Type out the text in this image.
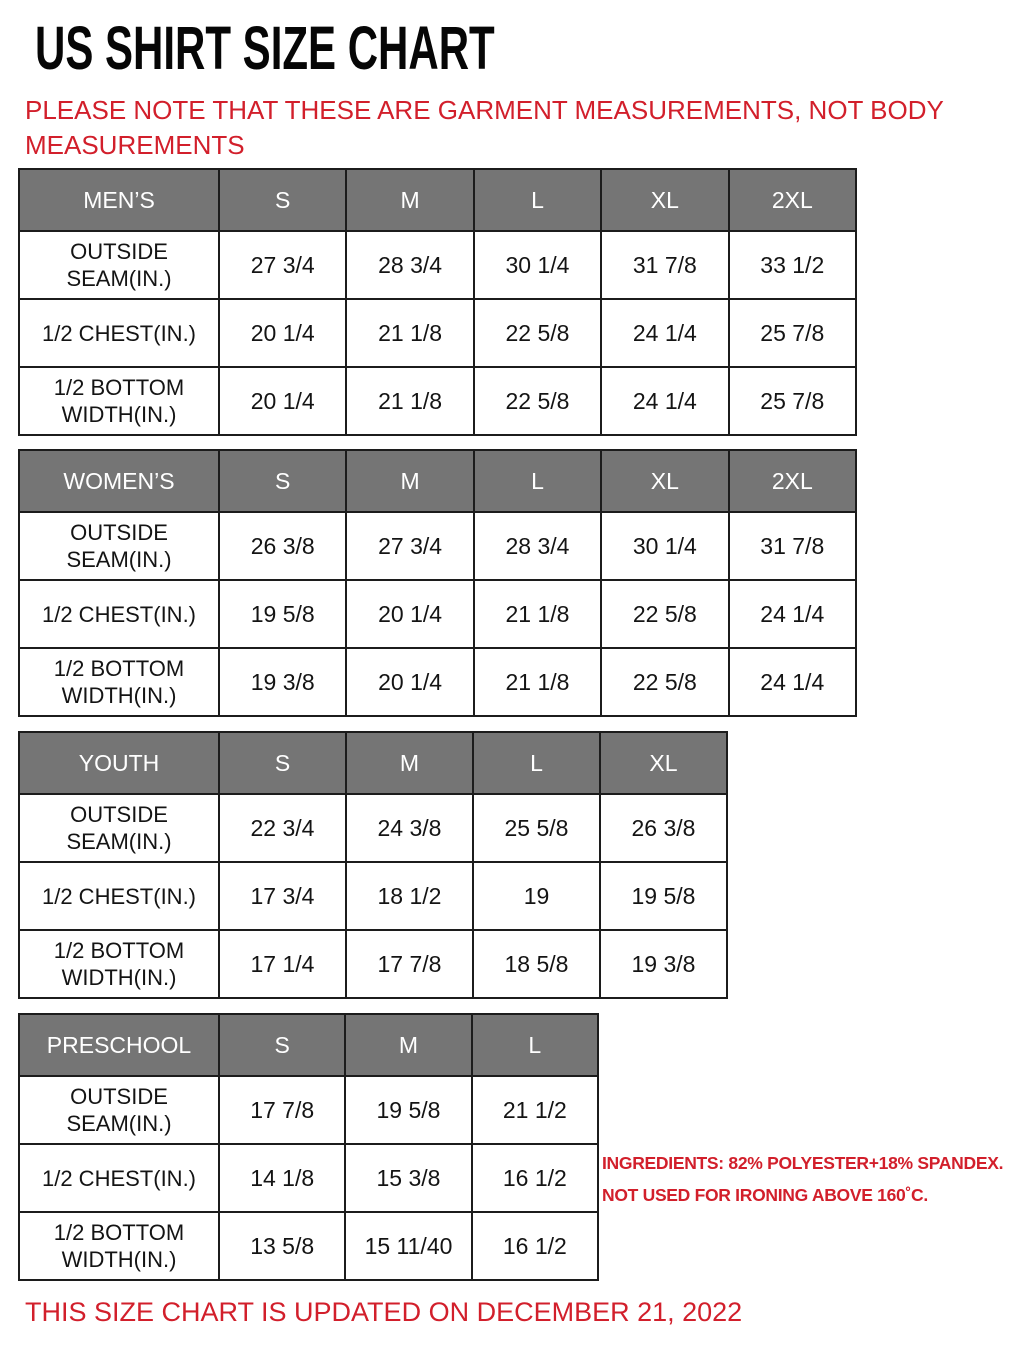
US SHIRT SIZE CHART
PLEASE NOTE THAT THESE ARE GARMENT MEASUREMENTS, NOT BODY MEASUREMENTS
MEN’S	S	M	L	XL	2XL
OUTSIDE SEAM(IN.)	27 3/4	28 3/4	30 1/4	31 7/8	33 1/2
1/2 CHEST(IN.)	20 1/4	21 1/8	22 5/8	24 1/4	25 7/8
1/2 BOTTOM WIDTH(IN.)	20 1/4	21 1/8	22 5/8	24 1/4	25 7/8
WOMEN’S	S	M	L	XL	2XL
OUTSIDE SEAM(IN.)	26 3/8	27 3/4	28 3/4	30 1/4	31 7/8
1/2 CHEST(IN.)	19 5/8	20 1/4	21 1/8	22 5/8	24 1/4
1/2 BOTTOM WIDTH(IN.)	19 3/8	20 1/4	21 1/8	22 5/8	24 1/4
YOUTH	S	M	L	XL
OUTSIDE SEAM(IN.)	22 3/4	24 3/8	25 5/8	26 3/8
1/2 CHEST(IN.)	17 3/4	18 1/2	19	19 5/8
1/2 BOTTOM WIDTH(IN.)	17 1/4	17 7/8	18 5/8	19 3/8
PRESCHOOL	S	M	L
OUTSIDE SEAM(IN.)	17 7/8	19 5/8	21 1/2
1/2 CHEST(IN.)	14 1/8	15 3/8	16 1/2
1/2 BOTTOM WIDTH(IN.)	13 5/8	15 11/40	16 1/2
INGREDIENTS: 82% POLYESTER+18% SPANDEX.
NOT USED FOR IRONING ABOVE 160˚C.
THIS SIZE CHART IS UPDATED ON DECEMBER 21, 2022
